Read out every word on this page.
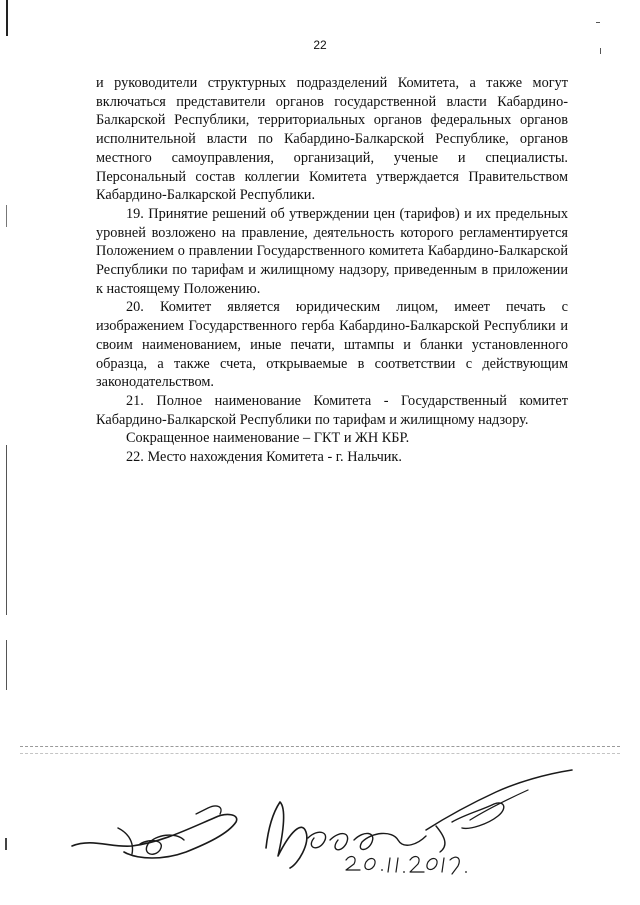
22

и руководители структурных подразделений Комитета, а также могут включаться представители органов государственной власти Кабардино-Балкарской Республики, территориальных органов федеральных органов исполнительной власти по Кабардино-Балкарской Республике, органов местного самоуправления, организаций, ученые и специалисты. Персональный состав коллегии Комитета утверждается Правительством Кабардино-Балкарской Республики.

19. Принятие решений об утверждении цен (тарифов) и их предельных уровней возложено на правление, деятельность которого регламентируется Положением о правлении Государственного комитета Кабардино-Балкарской Республики по тарифам и жилищному надзору, приведенным в приложении к настоящему Положению.

20. Комитет является юридическим лицом, имеет печать с изображением Государственного герба Кабардино-Балкарской Республики и своим наименованием, иные печати, штампы и бланки установленного образца, а также счета, открываемые в соответствии с действующим законодательством.

21. Полное наименование Комитета - Государственный комитет Кабардино-Балкарской Республики по тарифам и жилищному надзору.

Сокращенное наименование – ГКТ и ЖН КБР.

22. Место нахождения Комитета - г. Нальчик.
